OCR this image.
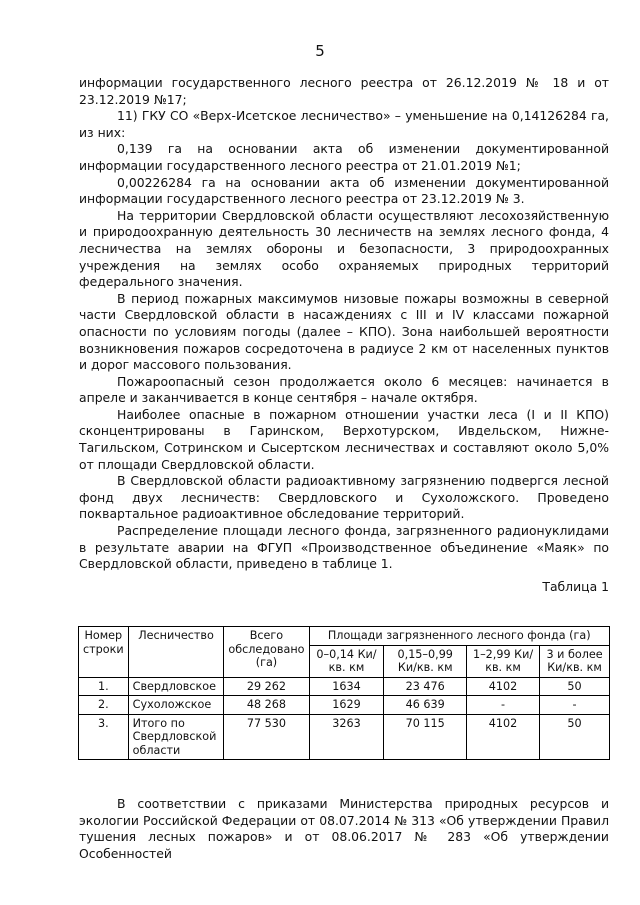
5

информации государственного лесного реестра от 26.12.2019 № 18 и от 23.12.2019 №17;

11) ГКУ СО «Верх-Исетское лесничество» – уменьшение на 0,14126284 га, из них:

0,139 га на основании акта об изменении документированной информации государственного лесного реестра от 21.01.2019 №1;

0,00226284 га на основании акта об изменении документированной информации государственного лесного реестра от 23.12.2019 № 3.

На территории Свердловской области осуществляют лесохозяйственную и природоохранную деятельность 30 лесничеств на землях лесного фонда, 4 лесничества на землях обороны и безопасности, 3 природоохранных учреждения на землях особо охраняемых природных территорий федерального значения.

В период пожарных максимумов низовые пожары возможны в северной части Свердловской области в насаждениях с III и IV классами пожарной опасности по условиям погоды (далее – КПО). Зона наибольшей вероятности возникновения пожаров сосредоточена в радиусе 2 км от населенных пунктов и дорог массового пользования.

Пожароопасный сезон продолжается около 6 месяцев: начинается в апреле и заканчивается в конце сентября – начале октября.

Наиболее опасные в пожарном отношении участки леса (I и II КПО) сконцентрированы в Гаринском, Верхотурском, Ивдельском, Нижне-Тагильском, Сотринском и Сысертском лесничествах и составляют около 5,0% от площади Свердловской области.

В Свердловской области радиоактивному загрязнению подвергся лесной фонд двух лесничеств: Свердловского и Сухоложского. Проведено поквартальное радиоактивное обследование территорий.

Распределение площади лесного фонда, загрязненного радионуклидами в результате аварии на ФГУП «Производственное объединение «Маяк» по Свердловской области, приведено в таблице 1.

Таблица 1

Номер строки	Лесничество	Всего обследовано (га)	Площади загрязненного лесного фонда (га)			
			0–0,14 Ки/кв. км	0,15–0,99 Ки/кв. км	1–2,99 Ки/кв. км	3 и более Ки/кв. км
1.	Свердловское	29 262	1634	23 476	4102	50
2.	Сухоложское	48 268	1629	46 639	-	-
3.	Итого по Свердловской области	77 530	3263	70 115	4102	50

В соответствии с приказами Министерства природных ресурсов и экологии Российской Федерации от 08.07.2014 № 313 «Об утверждении Правил тушения лесных пожаров» и от 08.06.2017 № 283 «Об утверждении Особенностей
